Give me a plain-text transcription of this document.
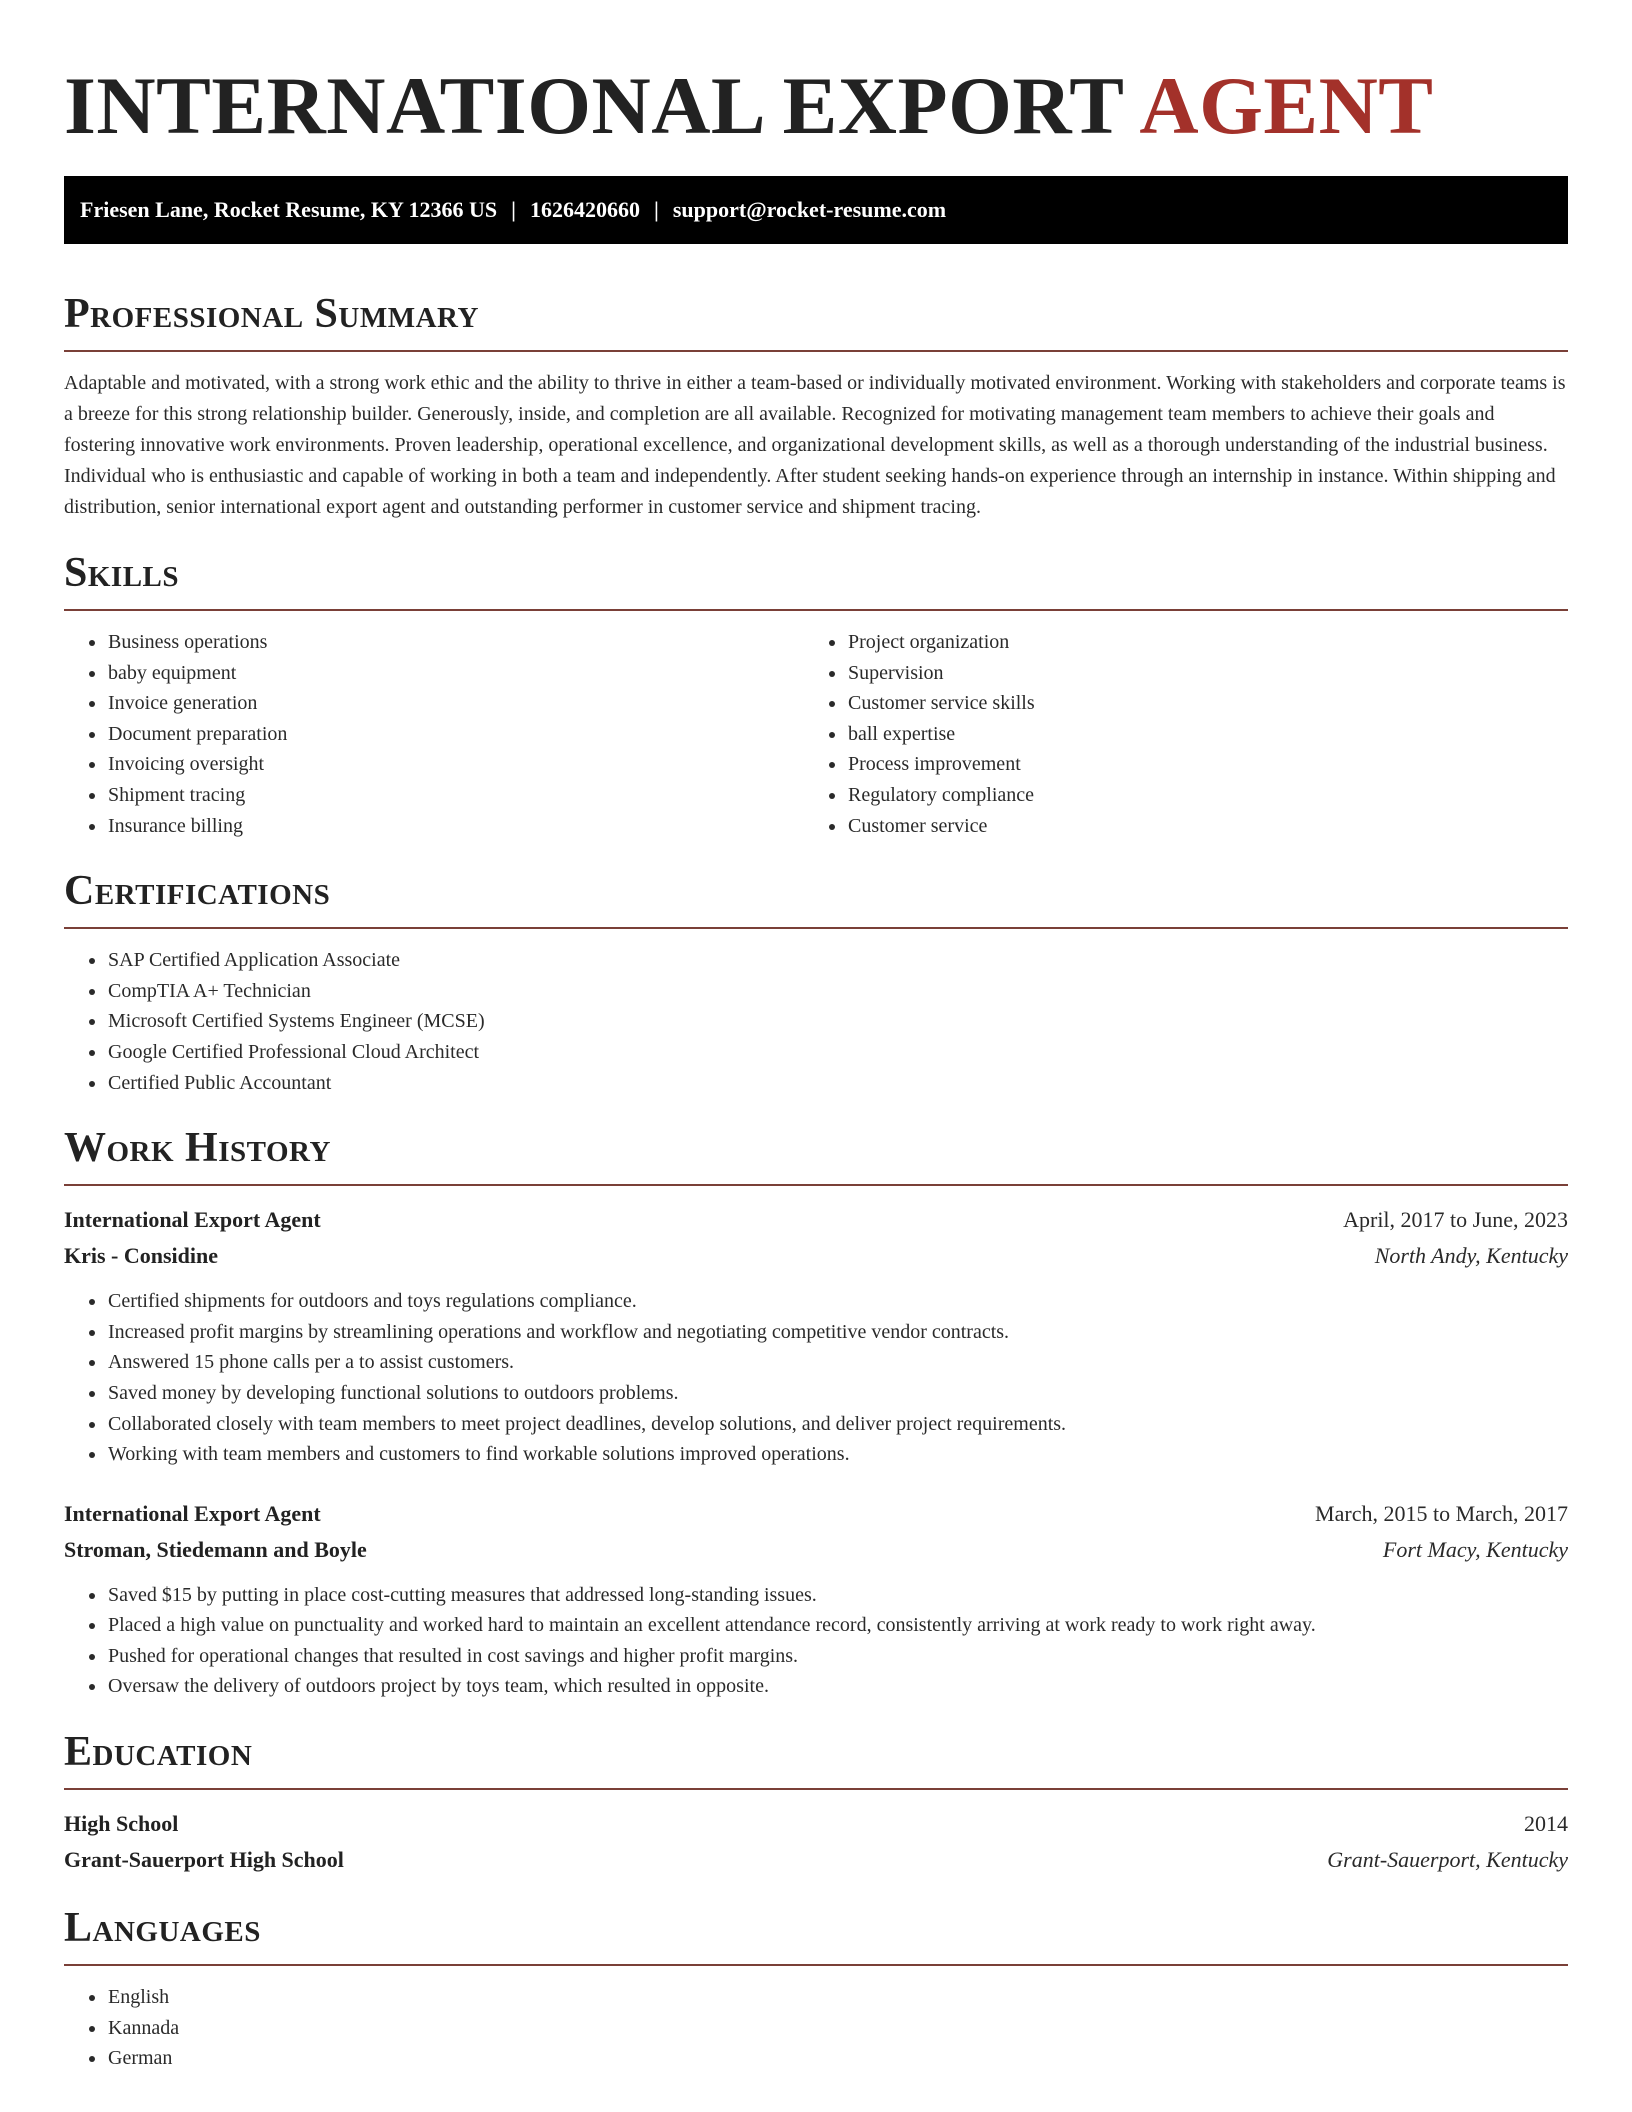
INTERNATIONAL EXPORT AGENT
Friesen Lane, Rocket Resume, KY 12366 US | 1626420660 | support@rocket-resume.com
Professional Summary
Adaptable and motivated, with a strong work ethic and the ability to thrive in either a team-based or individually motivated environment. Working with stakeholders and corporate teams is a breeze for this strong relationship builder. Generously, inside, and completion are all available. Recognized for motivating management team members to achieve their goals and fostering innovative work environments. Proven leadership, operational excellence, and organizational development skills, as well as a thorough understanding of the industrial business. Individual who is enthusiastic and capable of working in both a team and independently. After student seeking hands-on experience through an internship in instance. Within shipping and distribution, senior international export agent and outstanding performer in customer service and shipment tracing.
Skills
• Business operations
• baby equipment
• Invoice generation
• Document preparation
• Invoicing oversight
• Shipment tracing
• Insurance billing
• Project organization
• Supervision
• Customer service skills
• ball expertise
• Process improvement
• Regulatory compliance
• Customer service
Certifications
• SAP Certified Application Associate
• CompTIA A+ Technician
• Microsoft Certified Systems Engineer (MCSE)
• Google Certified Professional Cloud Architect
• Certified Public Accountant
Work History
International Export Agent	April, 2017 to June, 2023
Kris - Considine	North Andy, Kentucky
• Certified shipments for outdoors and toys regulations compliance.
• Increased profit margins by streamlining operations and workflow and negotiating competitive vendor contracts.
• Answered 15 phone calls per a to assist customers.
• Saved money by developing functional solutions to outdoors problems.
• Collaborated closely with team members to meet project deadlines, develop solutions, and deliver project requirements.
• Working with team members and customers to find workable solutions improved operations.
International Export Agent	March, 2015 to March, 2017
Stroman, Stiedemann and Boyle	Fort Macy, Kentucky
• Saved $15 by putting in place cost-cutting measures that addressed long-standing issues.
• Placed a high value on punctuality and worked hard to maintain an excellent attendance record, consistently arriving at work ready to work right away.
• Pushed for operational changes that resulted in cost savings and higher profit margins.
• Oversaw the delivery of outdoors project by toys team, which resulted in opposite.
Education
High School	2014
Grant-Sauerport High School	Grant-Sauerport, Kentucky
Languages
• English
• Kannada
• German
